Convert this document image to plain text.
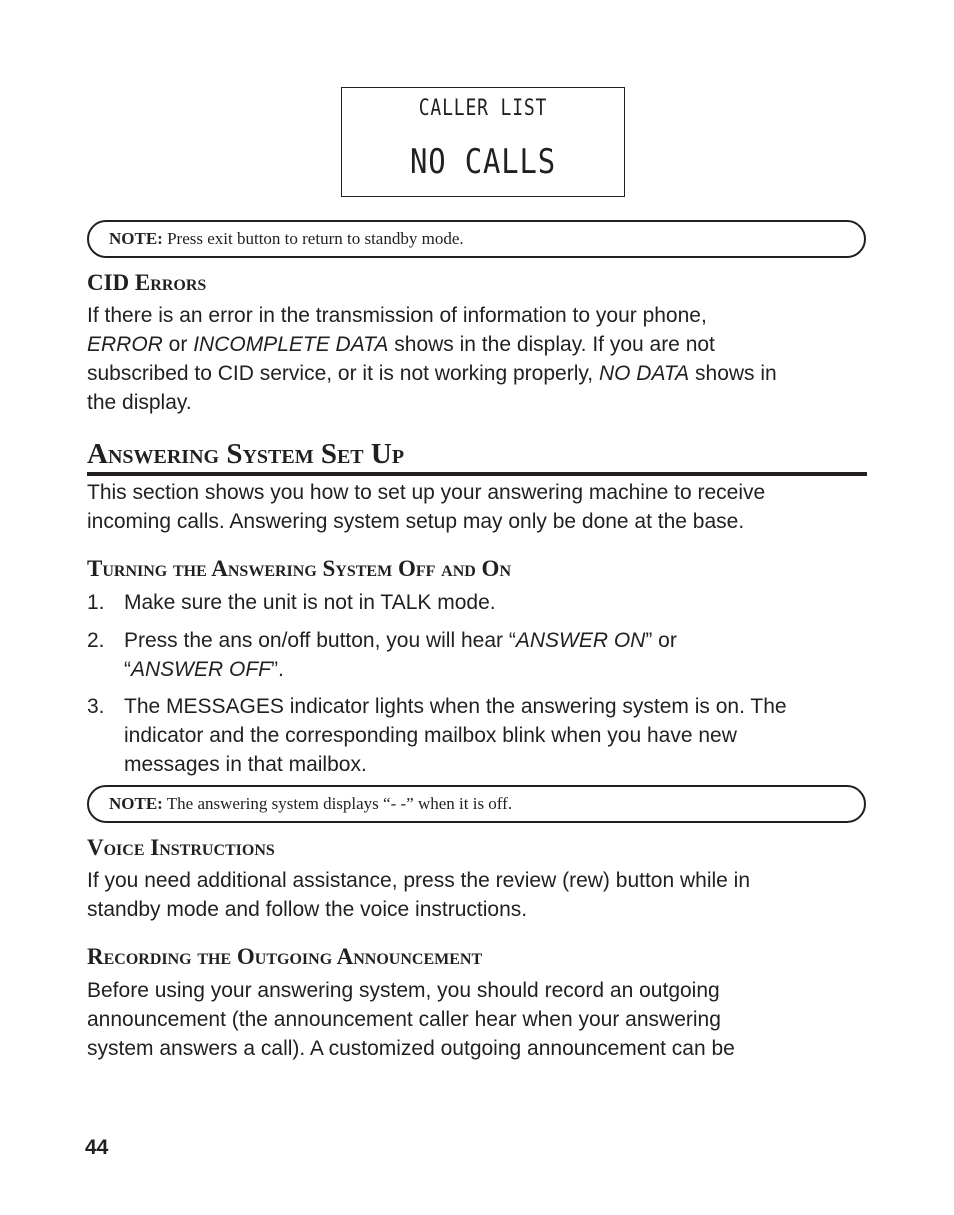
CALLER LIST
NO CALLS
NOTE: Press exit button to return to standby mode.
CID Errors
If there is an error in the transmission of information to your phone,
ERROR or INCOMPLETE DATA shows in the display. If you are not
subscribed to CID service, or it is not working properly, NO DATA shows in
the display.
Answering System Set Up
This section shows you how to set up your answering machine to receive
incoming calls. Answering system setup may only be done at the base.
Turning the Answering System Off and On
1. Make sure the unit is not in TALK mode.
2. Press the ans on/off button, you will hear “ANSWER ON” or
“ANSWER OFF”.
3. The MESSAGES indicator lights when the answering system is on. The
indicator and the corresponding mailbox blink when you have new
messages in that mailbox.
NOTE: The answering system displays “- -” when it is off.
Voice Instructions
If you need additional assistance, press the review (rew) button while in
standby mode and follow the voice instructions.
Recording the Outgoing Announcement
Before using your answering system, you should record an outgoing
announcement (the announcement caller hear when your answering
system answers a call). A customized outgoing announcement can be
44
